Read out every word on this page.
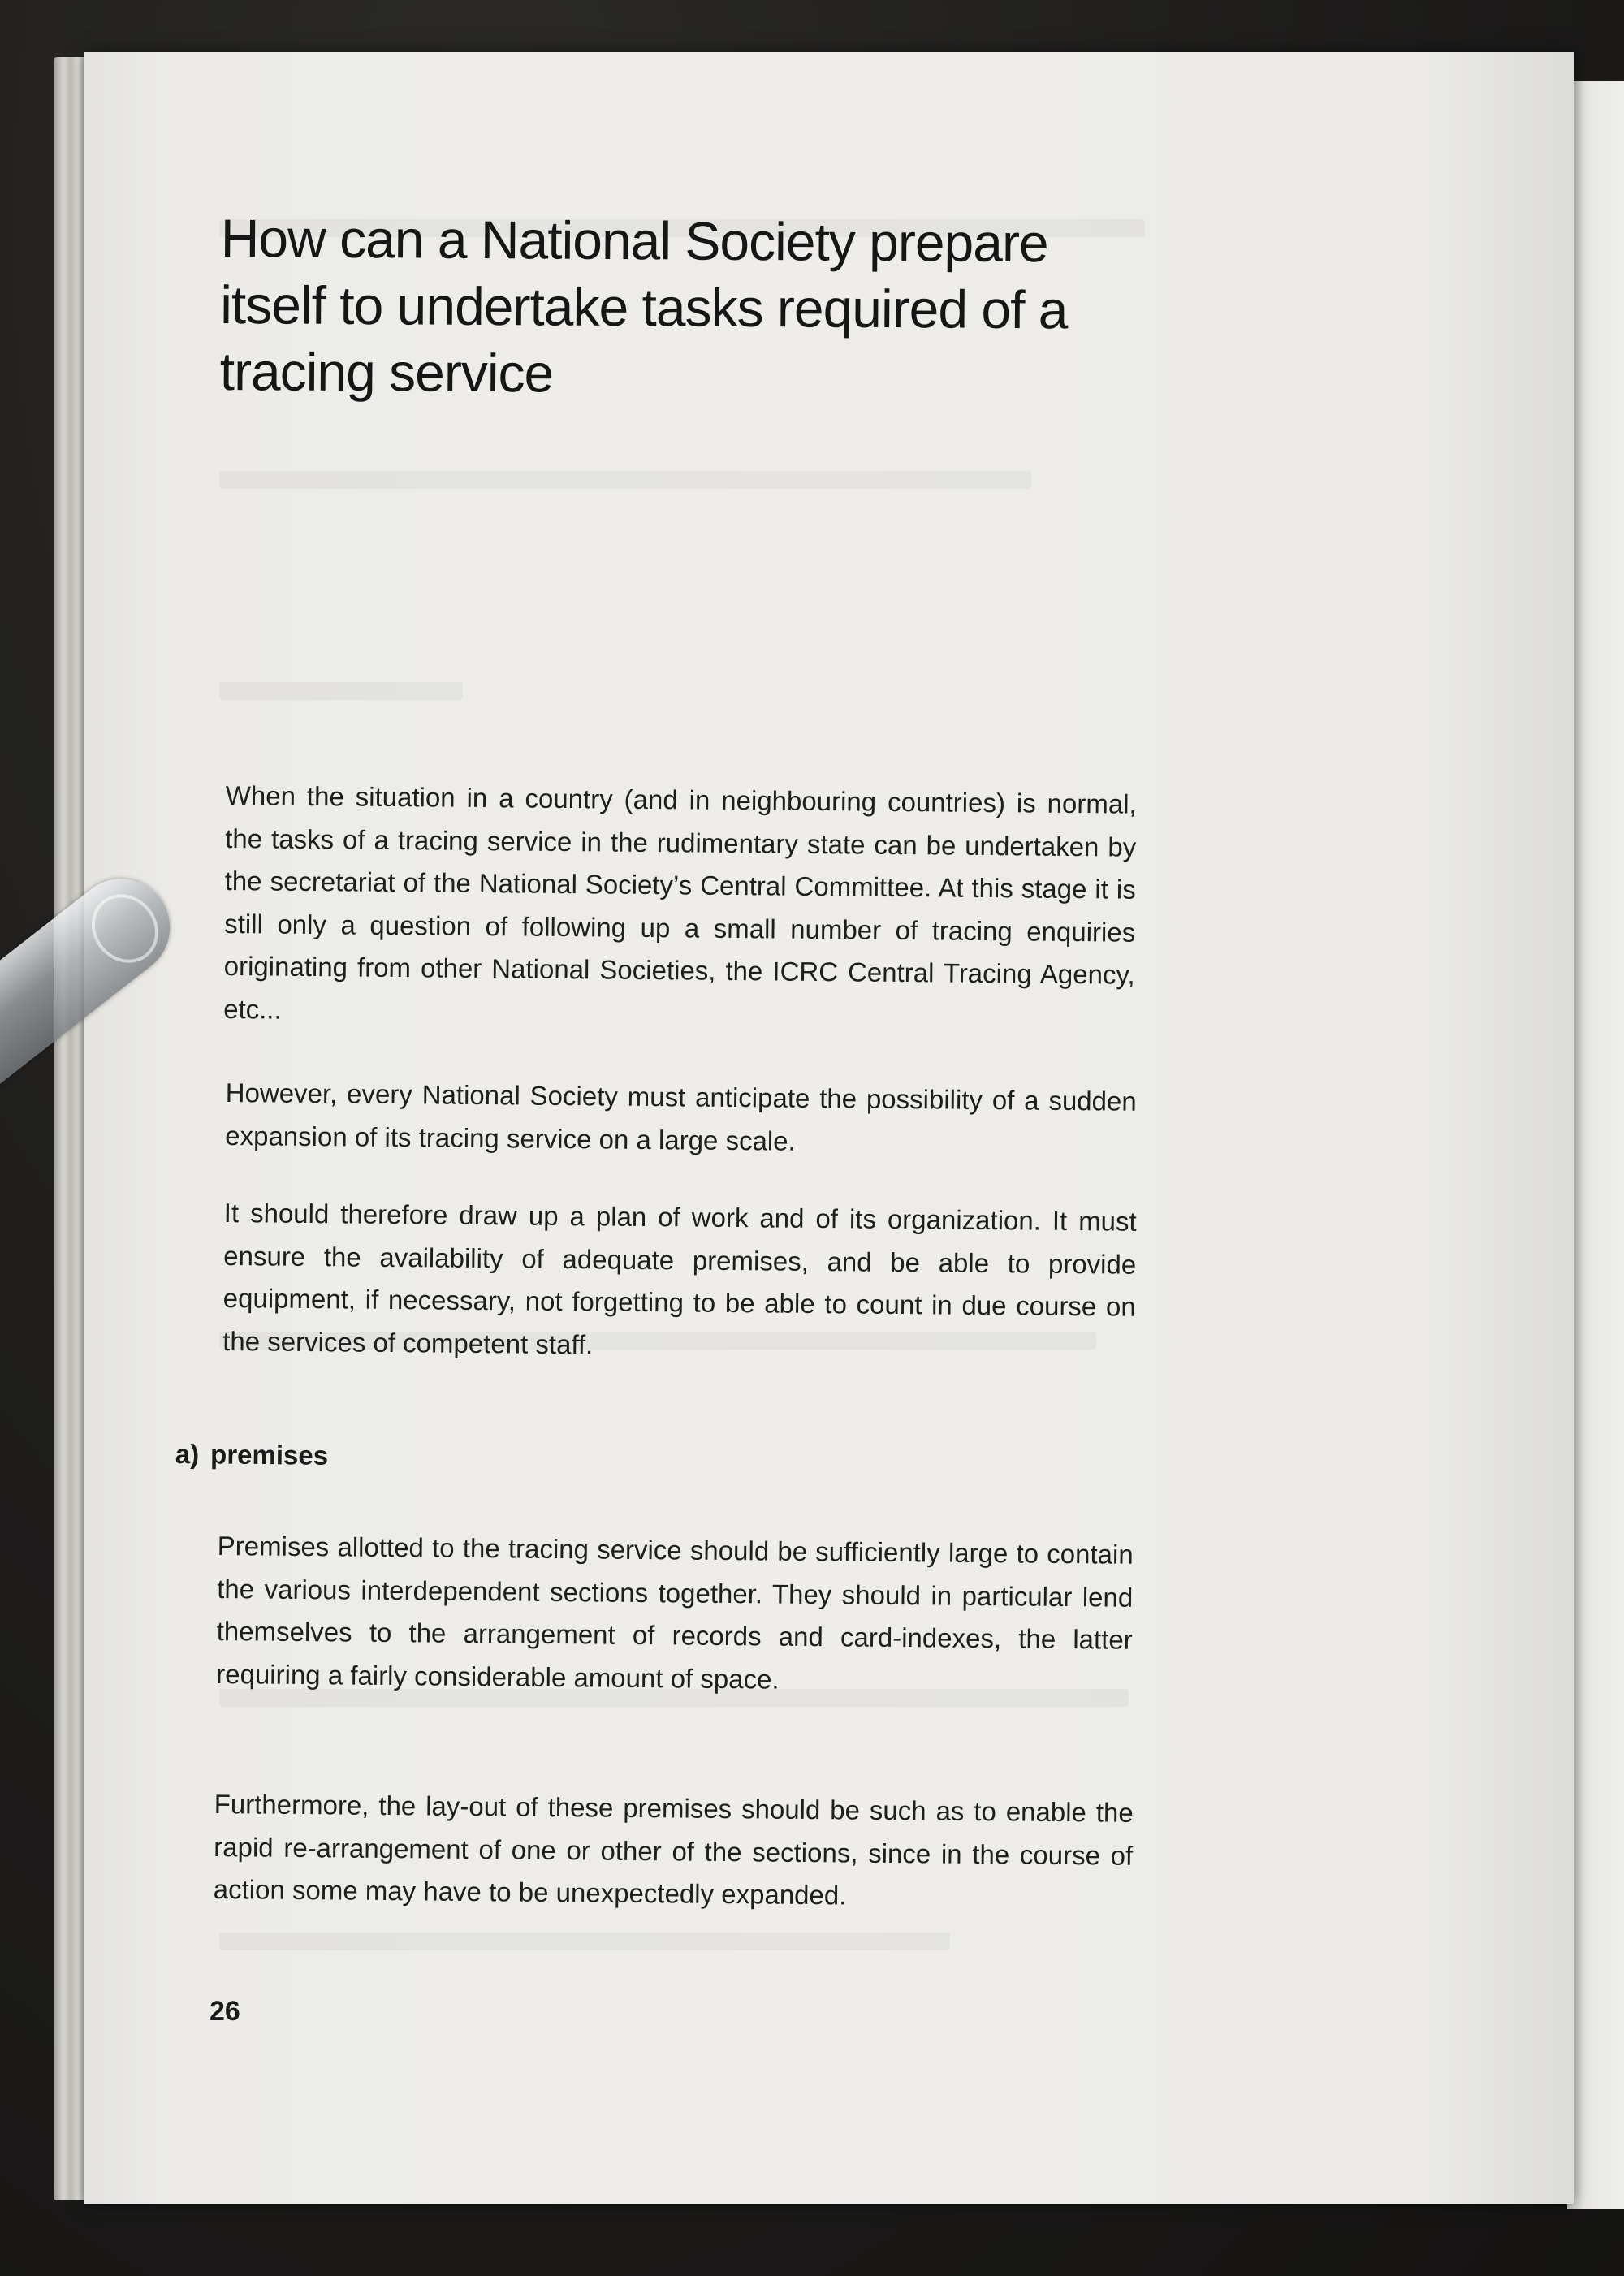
How can a National Society prepare itself to undertake tasks required of a tracing service

When the situation in a country (and in neighbouring countries) is normal, the tasks of a tracing service in the rudimentary state can be undertaken by the secretariat of the National Society’s Central Committee. At this stage it is still only a question of following up a small number of tracing enquiries originating from other National Societies, the ICRC Central Tracing Agency, etc...

However, every National Society must anticipate the possibility of a sudden expansion of its tracing service on a large scale.

It should therefore draw up a plan of work and of its organization. It must ensure the availability of adequate premises, and be able to provide equipment, if necessary, not forgetting to be able to count in due course on the services of competent staff.

a) premises

Premises allotted to the tracing service should be sufficiently large to contain the various interdependent sections together. They should in particular lend themselves to the arrangement of records and card-indexes, the latter requiring a fairly considerable amount of space.

Furthermore, the lay-out of these premises should be such as to enable the rapid re-arrangement of one or other of the sections, since in the course of action some may have to be unexpectedly expanded.

26
